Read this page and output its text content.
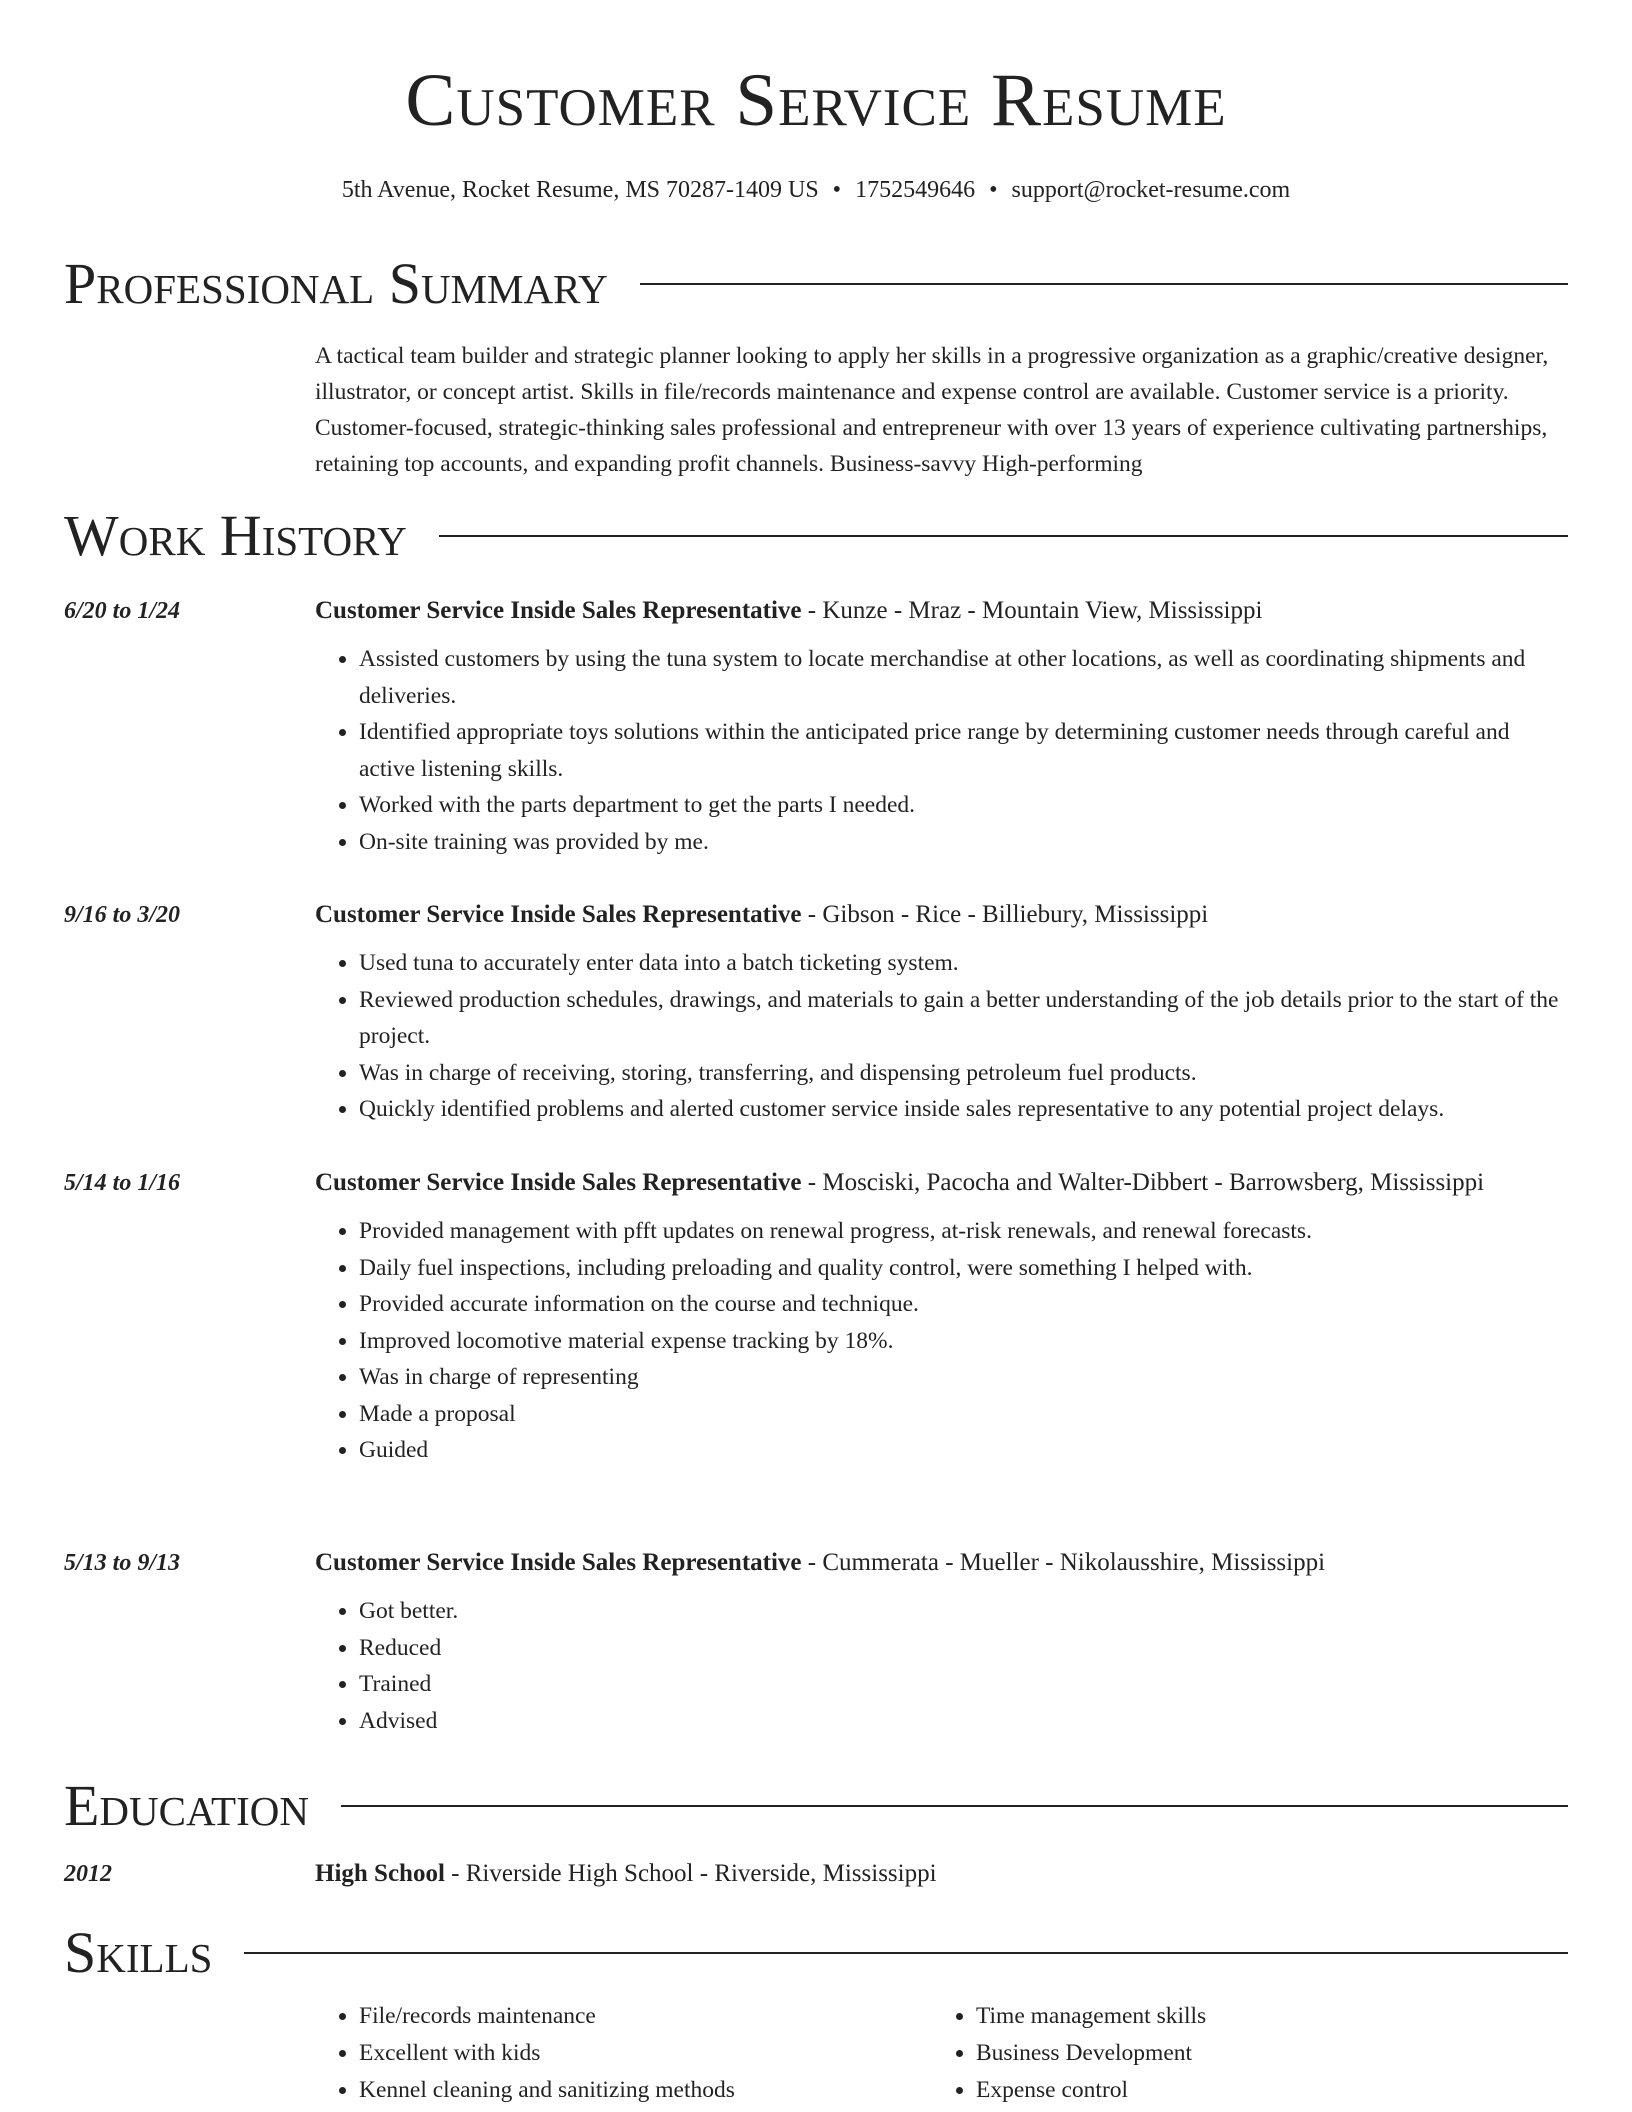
Customer Service Resume
5th Avenue, Rocket Resume, MS 70287-1409 US • 1752549646 • support@rocket-resume.com
Professional Summary

A tactical team builder and strategic planner looking to apply her skills in a progressive organization as a graphic/creative designer, illustrator, or concept artist. Skills in file/records maintenance and expense control are available. Customer service is a priority. Customer-focused, strategic-thinking sales professional and entrepreneur with over 13 years of experience cultivating partnerships, retaining top accounts, and expanding profit channels. Business-savvy High-performing

Work History
6/20 to 1/24	Customer Service Inside Sales Representative - Kunze - Mraz - Mountain View, Mississippi
• Assisted customers by using the tuna system to locate merchandise at other locations, as well as coordinating shipments and deliveries.
• Identified appropriate toys solutions within the anticipated price range by determining customer needs through careful and active listening skills.
• Worked with the parts department to get the parts I needed.
• On-site training was provided by me.
9/16 to 3/20	Customer Service Inside Sales Representative - Gibson - Rice - Billiebury, Mississippi
• Used tuna to accurately enter data into a batch ticketing system.
• Reviewed production schedules, drawings, and materials to gain a better understanding of the job details prior to the start of the project.
• Was in charge of receiving, storing, transferring, and dispensing petroleum fuel products.
• Quickly identified problems and alerted customer service inside sales representative to any potential project delays.
5/14 to 1/16	Customer Service Inside Sales Representative - Mosciski, Pacocha and Walter-Dibbert - Barrowsberg, Mississippi
• Provided management with pfft updates on renewal progress, at-risk renewals, and renewal forecasts.
• Daily fuel inspections, including preloading and quality control, were something I helped with.
• Provided accurate information on the course and technique.
• Improved locomotive material expense tracking by 18%.
• Was in charge of representing
• Made a proposal
• Guided
5/13 to 9/13	Customer Service Inside Sales Representative - Cummerata - Mueller - Nikolausshire, Mississippi
• Got better.
• Reduced
• Trained
• Advised
Education
2012	High School - Riverside High School - Riverside, Mississippi
Skills
• File/records maintenance
• Excellent with kids
• Kennel cleaning and sanitizing methods
• Time management skills
• Business Development
• Expense control
